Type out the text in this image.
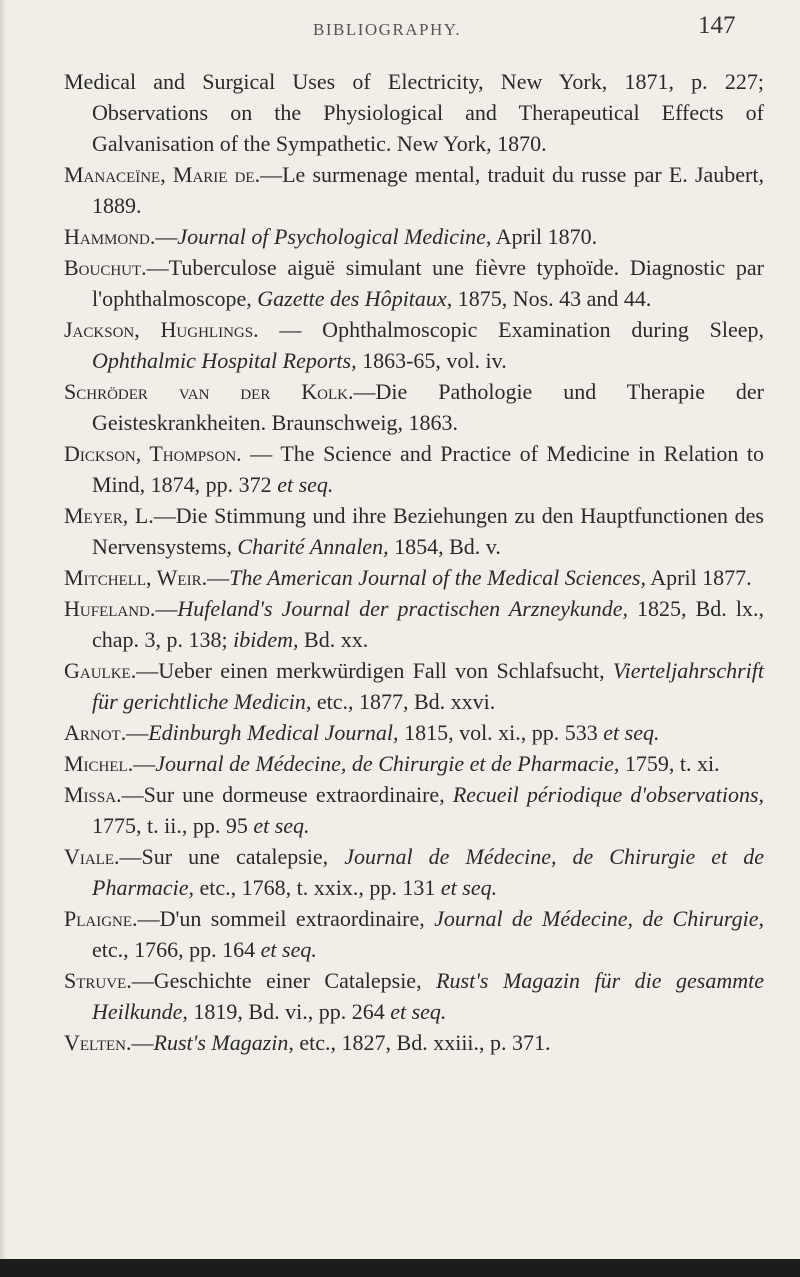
BIBLIOGRAPHY.	147

Medical and Surgical Uses of Electricity, New York, 1871, p. 227; Observations on the Physiological and Therapeutical Effects of Galvanisation of the Sympathetic. New York, 1870.

Manaceïne, Marie de.—Le surmenage mental, traduit du russe par E. Jaubert, 1889.

Hammond.—Journal of Psychological Medicine, April 1870.

Bouchut.—Tuberculose aiguë simulant une fièvre typhoïde. Diagnostic par l'ophthalmoscope, Gazette des Hôpitaux, 1875, Nos. 43 and 44.

Jackson, Hughlings. — Ophthalmoscopic Examination during Sleep, Ophthalmic Hospital Reports, 1863-65, vol. iv.

Schröder van der Kolk.—Die Pathologie und Therapie der Geisteskrankheiten. Braunschweig, 1863.

Dickson, Thompson. — The Science and Practice of Medicine in Relation to Mind, 1874, pp. 372 et seq.

Meyer, L.—Die Stimmung und ihre Beziehungen zu den Hauptfunctionen des Nervensystems, Charité Annalen, 1854, Bd. v.

Mitchell, Weir.—The American Journal of the Medical Sciences, April 1877.

Hufeland.—Hufeland's Journal der practischen Arzneykunde, 1825, Bd. lx., chap. 3, p. 138; ibidem, Bd. xx.

Gaulke.—Ueber einen merkwürdigen Fall von Schlafsucht, Vierteljahrschrift für gerichtliche Medicin, etc., 1877, Bd. xxvi.

Arnot.—Edinburgh Medical Journal, 1815, vol. xi., pp. 533 et seq.

Michel.—Journal de Médecine, de Chirurgie et de Pharmacie, 1759, t. xi.

Missa.—Sur une dormeuse extraordinaire, Recueil périodique d'observations, 1775, t. ii., pp. 95 et seq.

Viale.—Sur une catalepsie, Journal de Médecine, de Chirurgie et de Pharmacie, etc., 1768, t. xxix., pp. 131 et seq.

Plaigne.—D'un sommeil extraordinaire, Journal de Médecine, de Chirurgie, etc., 1766, pp. 164 et seq.

Struve.—Geschichte einer Catalepsie, Rust's Magazin für die gesammte Heilkunde, 1819, Bd. vi., pp. 264 et seq.

Velten.—Rust's Magazin, etc., 1827, Bd. xxiii., p. 371.
